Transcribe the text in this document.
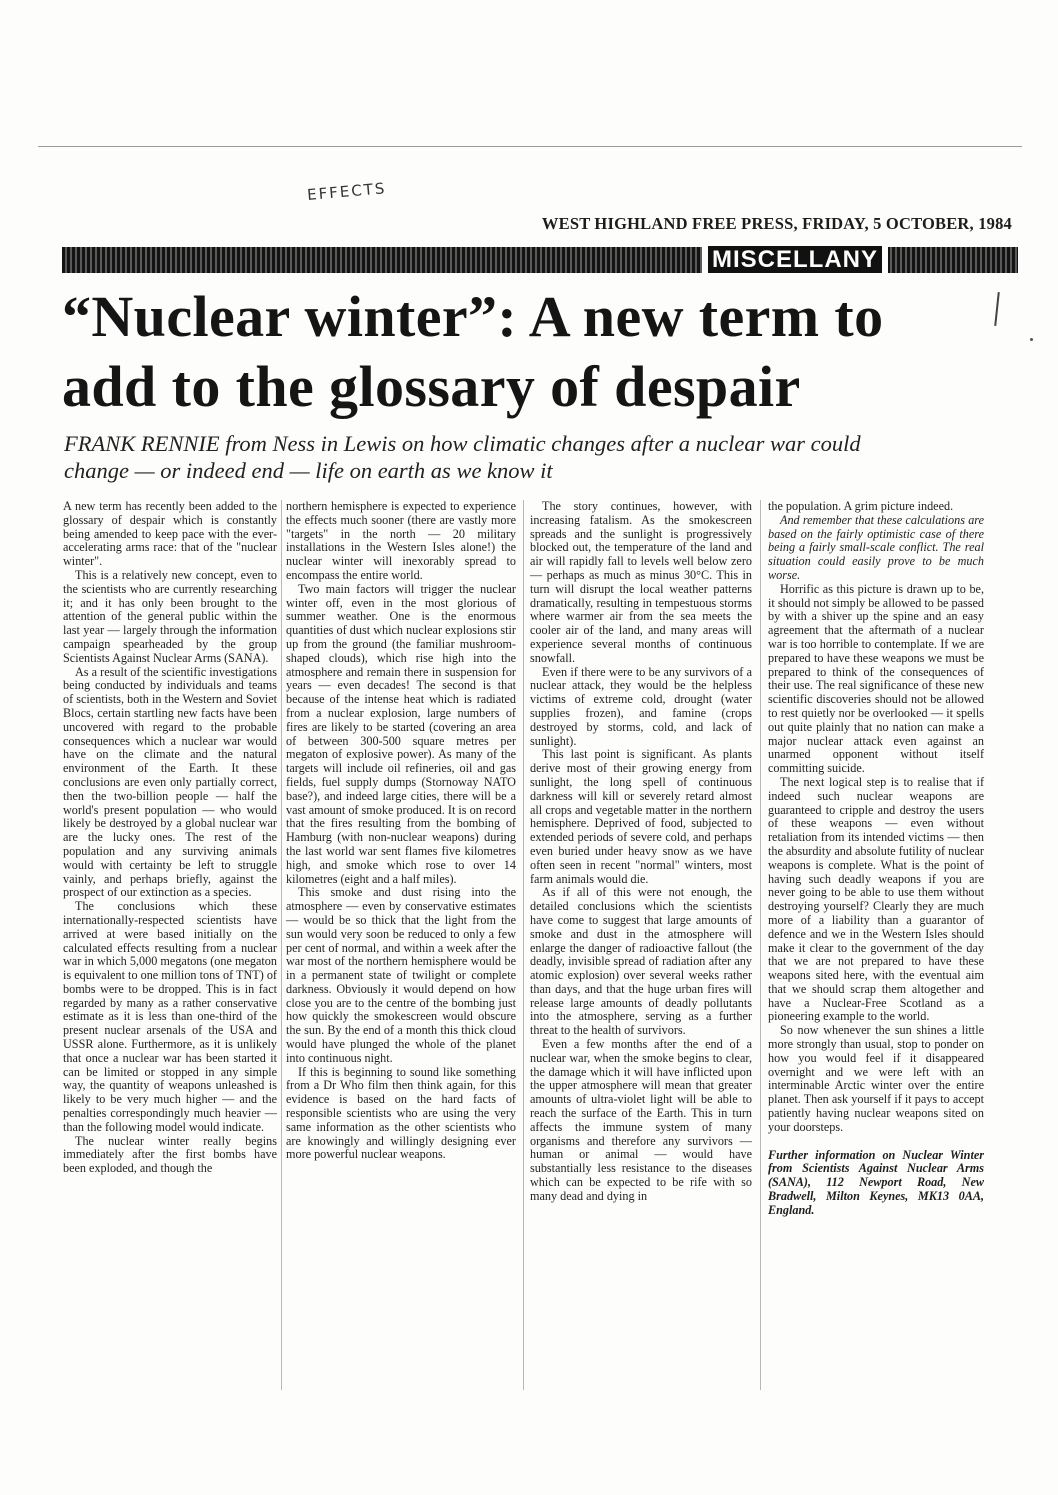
EFFECTS
WEST HIGHLAND FREE PRESS, FRIDAY, 5 OCTOBER, 1984
MISCELLANY
“Nuclear winter”: A new term to
add to the glossary of despair

FRANK RENNIE from Ness in Lewis on how climatic changes after a nuclear war could
change — or indeed end — life on earth as we know it

A new term has recently been added to the glossary of despair which is constantly being amended to keep pace with the ever-accelerating arms race: that of the "nuclear winter".

This is a relatively new concept, even to the scientists who are currently researching it; and it has only been brought to the attention of the general public within the last year — largely through the information campaign spearheaded by the group Scientists Against Nuclear Arms (SANA).

As a result of the scientific investigations being conducted by individuals and teams of scientists, both in the Western and Soviet Blocs, certain startling new facts have been uncovered with regard to the probable consequences which a nuclear war would have on the climate and the natural environment of the Earth. It these conclusions are even only partially correct, then the two-billion people — half the world's present population — who would likely be destroyed by a global nuclear war are the lucky ones. The rest of the population and any surviving animals would with certainty be left to struggle vainly, and perhaps briefly, against the prospect of our extinction as a species.

The conclusions which these internationally-respected scientists have arrived at were based initially on the calculated effects resulting from a nuclear war in which 5,000 megatons (one megaton is equivalent to one million tons of TNT) of bombs were to be dropped. This is in fact regarded by many as a rather conservative estimate as it is less than one-third of the present nuclear arsenals of the USA and USSR alone. Furthermore, as it is unlikely that once a nuclear war has been started it can be limited or stopped in any simple way, the quantity of weapons unleashed is likely to be very much higher — and the penalties correspondingly much heavier — than the following model would indicate.

The nuclear winter really begins immediately after the first bombs have been exploded, and though the

northern hemisphere is expected to experience the effects much sooner (there are vastly more "targets" in the north — 20 military installations in the Western Isles alone!) the nuclear winter will inexorably spread to encompass the entire world.

Two main factors will trigger the nuclear winter off, even in the most glorious of summer weather. One is the enormous quantities of dust which nuclear explosions stir up from the ground (the familiar mushroom-shaped clouds), which rise high into the atmosphere and remain there in suspension for years — even decades! The second is that because of the intense heat which is radiated from a nuclear explosion, large numbers of fires are likely to be started (covering an area of between 300-500 square metres per megaton of explosive power). As many of the targets will include oil refineries, oil and gas fields, fuel supply dumps (Stornoway NATO base?), and indeed large cities, there will be a vast amount of smoke produced. It is on record that the fires resulting from the bombing of Hamburg (with non-nuclear weapons) during the last world war sent flames five kilometres high, and smoke which rose to over 14 kilometres (eight and a half miles).

This smoke and dust rising into the atmosphere — even by conservative estimates — would be so thick that the light from the sun would very soon be reduced to only a few per cent of normal, and within a week after the war most of the northern hemisphere would be in a permanent state of twilight or complete darkness. Obviously it would depend on how close you are to the centre of the bombing just how quickly the smokescreen would obscure the sun. By the end of a month this thick cloud would have plunged the whole of the planet into continuous night.

If this is beginning to sound like something from a Dr Who film then think again, for this evidence is based on the hard facts of responsible scientists who are using the very same information as the other scientists who are knowingly and willingly designing ever more powerful nuclear weapons.

The story continues, however, with increasing fatalism. As the smokescreen spreads and the sunlight is progressively blocked out, the temperature of the land and air will rapidly fall to levels well below zero — perhaps as much as minus 30°C. This in turn will disrupt the local weather patterns dramatically, resulting in tempestuous storms where warmer air from the sea meets the cooler air of the land, and many areas will experience several months of continuous snowfall.

Even if there were to be any survivors of a nuclear attack, they would be the helpless victims of extreme cold, drought (water supplies frozen), and famine (crops destroyed by storms, cold, and lack of sunlight).

This last point is significant. As plants derive most of their growing energy from sunlight, the long spell of continuous darkness will kill or severely retard almost all crops and vegetable matter in the northern hemisphere. Deprived of food, subjected to extended periods of severe cold, and perhaps even buried under heavy snow as we have often seen in recent "normal" winters, most farm animals would die.

As if all of this were not enough, the detailed conclusions which the scientists have come to suggest that large amounts of smoke and dust in the atmosphere will enlarge the danger of radioactive fallout (the deadly, invisible spread of radiation after any atomic explosion) over several weeks rather than days, and that the huge urban fires will release large amounts of deadly pollutants into the atmosphere, serving as a further threat to the health of survivors.

Even a few months after the end of a nuclear war, when the smoke begins to clear, the damage which it will have inflicted upon the upper atmosphere will mean that greater amounts of ultra-violet light will be able to reach the surface of the Earth. This in turn affects the immune system of many organisms and therefore any survivors — human or animal — would have substantially less resistance to the diseases which can be expected to be rife with so many dead and dying in

the population. A grim picture indeed.

And remember that these calculations are based on the fairly optimistic case of there being a fairly small-scale conflict. The real situation could easily prove to be much worse.

Horrific as this picture is drawn up to be, it should not simply be allowed to be passed by with a shiver up the spine and an easy agreement that the aftermath of a nuclear war is too horrible to contemplate. If we are prepared to have these weapons we must be prepared to think of the consequences of their use. The real significance of these new scientific discoveries should not be allowed to rest quietly nor be overlooked — it spells out quite plainly that no nation can make a major nuclear attack even against an unarmed opponent without itself committing suicide.

The next logical step is to realise that if indeed such nuclear weapons are guaranteed to cripple and destroy the users of these weapons — even without retaliation from its intended victims — then the absurdity and absolute futility of nuclear weapons is complete. What is the point of having such deadly weapons if you are never going to be able to use them without destroying yourself? Clearly they are much more of a liability than a guarantor of defence and we in the Western Isles should make it clear to the government of the day that we are not prepared to have these weapons sited here, with the eventual aim that we should scrap them altogether and have a Nuclear-Free Scotland as a pioneering example to the world.

So now whenever the sun shines a little more strongly than usual, stop to ponder on how you would feel if it disappeared overnight and we were left with an interminable Arctic winter over the entire planet. Then ask yourself if it pays to accept patiently having nuclear weapons sited on your doorsteps.

Further information on Nuclear Winter from Scientists Against Nuclear Arms (SANA), 112 Newport Road, New Bradwell, Milton Keynes, MK13 0AA, England.
